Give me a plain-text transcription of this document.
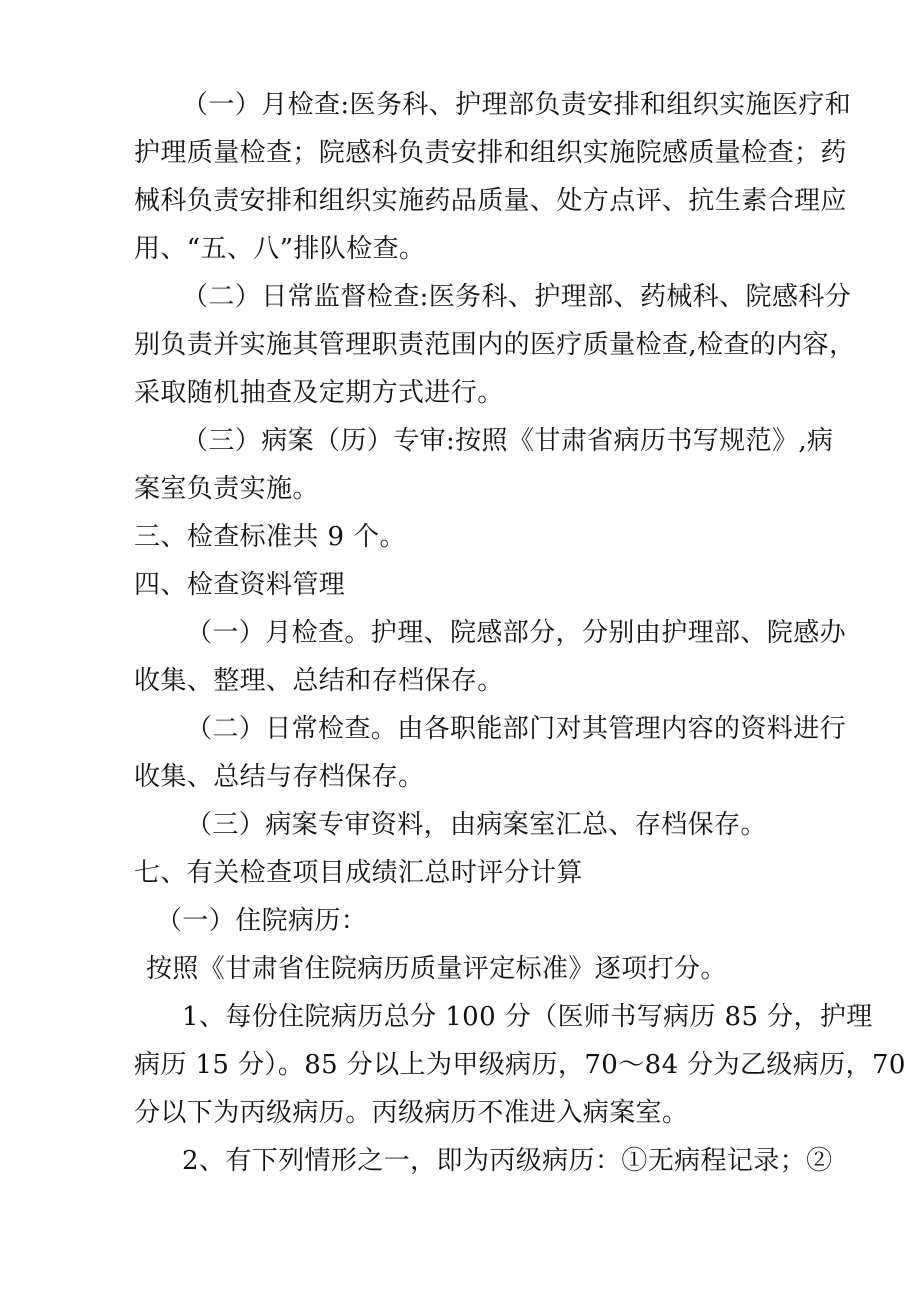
（一）月检查:医务科、护理部负责安排和组织实施医疗和
护理质量检查；院感科负责安排和组织实施院感质量检查；药
械科负责安排和组织实施药品质量、处方点评、抗生素合理应
用、“五、八”排队检查。
（二）日常监督检查:医务科、护理部、药械科、院感科分
别负责并实施其管理职责范围内的医疗质量检查,检查的内容，
采取随机抽查及定期方式进行。
（三）病案（历）专审:按照《甘肃省病历书写规范》,病
案室负责实施。
三、检查标准共 9 个。
四、检查资料管理
（一）月检查。护理、院感部分，分别由护理部、院感办
收集、整理、总结和存档保存。
（二）日常检查。由各职能部门对其管理内容的资料进行
收集、总结与存档保存。
（三）病案专审资料，由病案室汇总、存档保存。
七、有关检查项目成绩汇总时评分计算
（一）住院病历：
按照《甘肃省住院病历质量评定标准》逐项打分。
1、每份住院病历总分 100 分（医师书写病历 85 分，护理
病历 15 分）。85 分以上为甲级病历，70～84 分为乙级病历，70
分以下为丙级病历。丙级病历不准进入病案室。
2、有下列情形之一，即为丙级病历：①无病程记录；②
